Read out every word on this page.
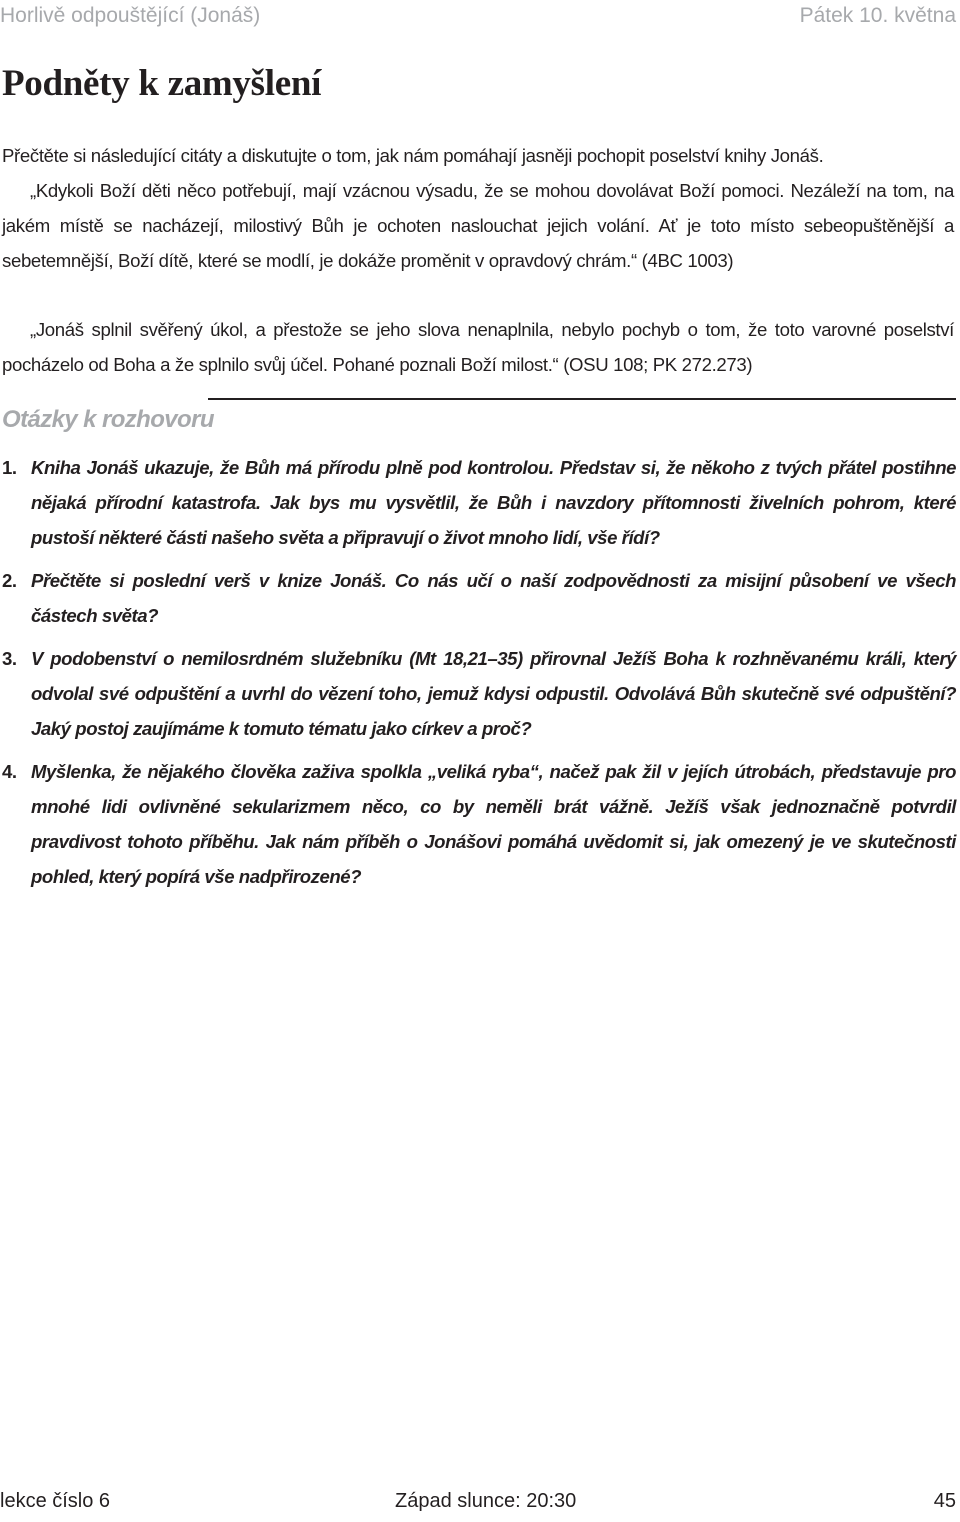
Horlivě odpouštějící (Jonáš)	Pátek 10. května
Podněty k zamyšlení

Přečtěte si následující citáty a diskutujte o tom, jak nám pomáhají jasněji pochopit poselství knihy Jonáš.

„Kdykoli Boží děti něco potřebují, mají vzácnou výsadu, že se mohou dovolávat Boží pomoci. Nezáleží na tom, na jakém místě se nacházejí, milostivý Bůh je ochoten naslouchat jejich volání. Ať je toto místo sebeopuštěnější a sebetemnější, Boží dítě, které se modlí, je dokáže proměnit v opravdový chrám.“ (4BC 1003)

„Jonáš splnil svěřený úkol, a přestože se jeho slova nenaplnila, nebylo pochyb o tom, že toto varovné poselství pocházelo od Boha a že splnilo svůj účel. Pohané poznali Boží milost.“ (OSU 108; PK 272.273)

Otázky k rozhovoru
1. Kniha Jonáš ukazuje, že Bůh má přírodu plně pod kontrolou. Představ si, že někoho z tvých přátel postihne nějaká přírodní katastrofa. Jak bys mu vysvětlil, že Bůh i navzdory přítomnosti živelních pohrom, které pustoší některé části našeho světa a připravují o život mnoho lidí, vše řídí?
2. Přečtěte si poslední verš v knize Jonáš. Co nás učí o naší zodpovědnosti za misijní působení ve všech částech světa?
3. V podobenství o nemilosrdném služebníku (Mt 18,21–35) přirovnal Ježíš Boha k rozhněvanému králi, který odvolal své odpuštění a uvrhl do vězení toho, jemuž kdysi odpustil. Odvolává Bůh skutečně své odpuštění? Jaký postoj zaujímáme k tomuto tématu jako církev a proč?
4. Myšlenka, že nějakého člověka zaživa spolkla „veliká ryba“, načež pak žil v jejích útrobách, představuje pro mnohé lidi ovlivněné sekularizmem něco, co by neměli brát vážně. Ježíš však jednoznačně potvrdil pravdivost tohoto příběhu. Jak nám příběh o Jonášovi pomáhá uvědomit si, jak omezený je ve skutečnosti pohled, který popírá vše nadpřirozené?
lekce číslo 6	Západ slunce: 20:30	45
